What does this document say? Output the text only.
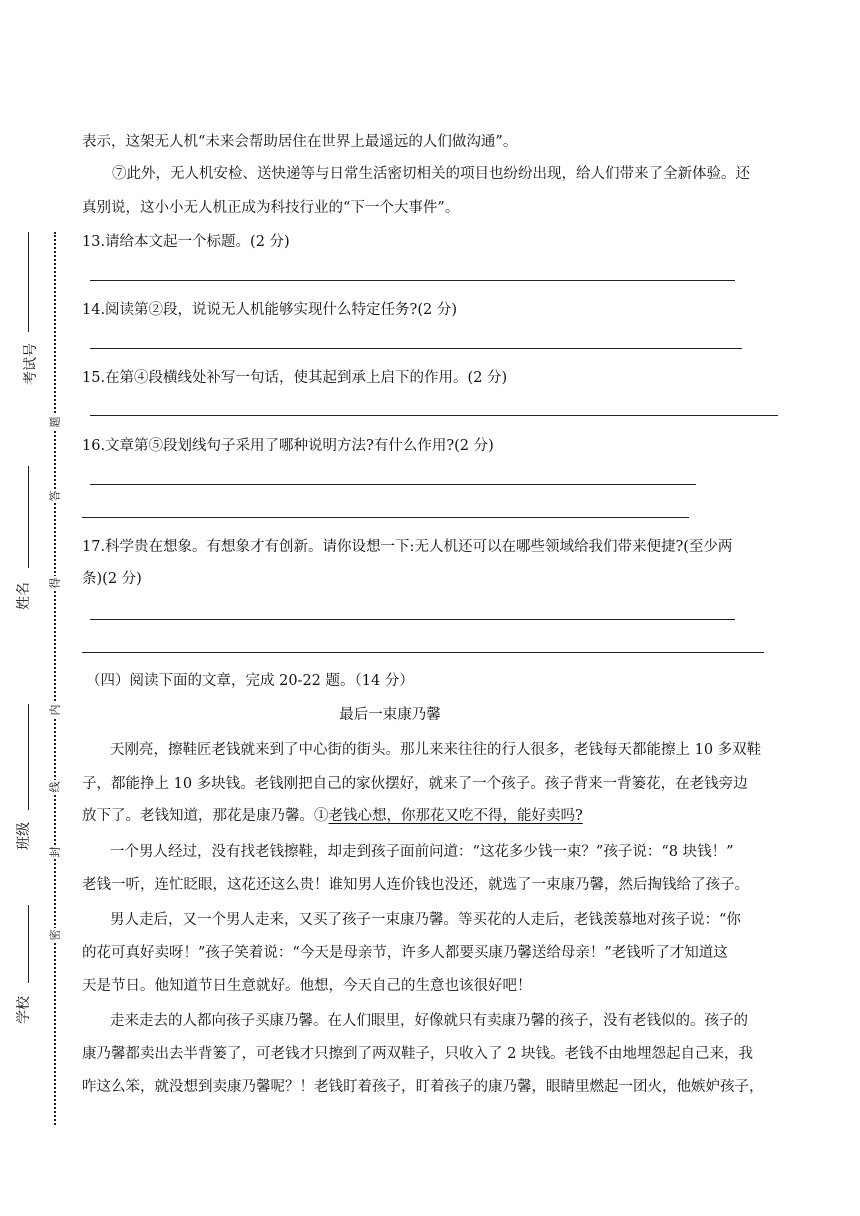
考试号
姓名
班级
学校
题
答
得
内
线
封
密
表示，这架无人机“未来会帮助居住在世界上最遥远的人们做沟通”。
⑦此外，无人机安检、送快递等与日常生活密切相关的项目也纷纷出现，给人们带来了全新体验。还
真别说，这小小无人机正成为科技行业的“下一个大事件”。
13.请给本文起一个标题。(2 分)
14.阅读第②段，说说无人机能够实现什么特定任务?(2 分)
15.在第④段横线处补写一句话，使其起到承上启下的作用。(2 分)
16.文章第⑤段划线句子采用了哪种说明方法?有什么作用?(2 分)
17.科学贵在想象。有想象才有创新。请你设想一下:无人机还可以在哪些领域给我们带来便捷?(至少两
条)(2 分)
（四）阅读下面的文章，完成 20-22 题。（14 分）
最后一束康乃馨
天刚亮，擦鞋匠老钱就来到了中心街的街头。那儿来来往往的行人很多，老钱每天都能擦上 10 多双鞋
子，都能挣上 10 多块钱。老钱刚把自己的家伙摆好，就来了一个孩子。孩子背来一背篓花，在老钱旁边
放下了。老钱知道，那花是康乃馨。①老钱心想，你那花又吃不得，能好卖吗?
一个男人经过，没有找老钱擦鞋，却走到孩子面前问道：“这花多少钱一束？”孩子说：“8 块钱！”
老钱一听，连忙眨眼，这花还这么贵！谁知男人连价钱也没还，就选了一束康乃馨，然后掏钱给了孩子。
男人走后，又一个男人走来，又买了孩子一束康乃馨。等买花的人走后，老钱羡慕地对孩子说：“你
的花可真好卖呀！”孩子笑着说：“今天是母亲节，许多人都要买康乃馨送给母亲！”老钱听了才知道这
天是节日。他知道节日生意就好。他想，今天自己的生意也该很好吧！
走来走去的人都向孩子买康乃馨。在人们眼里，好像就只有卖康乃馨的孩子，没有老钱似的。孩子的
康乃馨都卖出去半背篓了，可老钱才只擦到了两双鞋子，只收入了 2 块钱。老钱不由地埋怨起自己来，我
咋这么笨，就没想到卖康乃馨呢？！老钱盯着孩子，盯着孩子的康乃馨，眼睛里燃起一团火，他嫉妒孩子，
